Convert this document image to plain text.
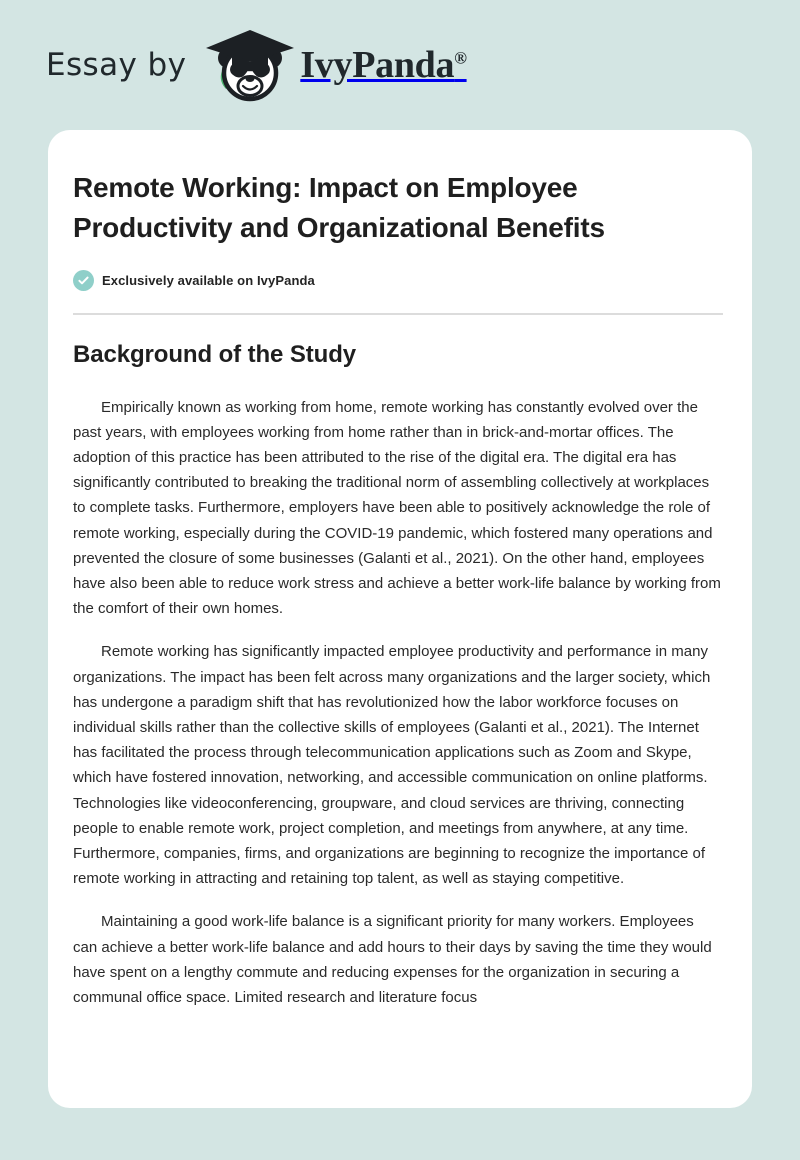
Essay by	IvyPanda®
Remote Working: Impact on Employee Productivity and Organizational Benefits
Exclusively available on IvyPanda
Background of the Study

Empirically known as working from home, remote working has constantly evolved over the past years, with employees working from home rather than in brick-and-mortar offices. The adoption of this practice has been attributed to the rise of the digital era. The digital era has significantly contributed to breaking the traditional norm of assembling collectively at workplaces to complete tasks. Furthermore, employers have been able to positively acknowledge the role of remote working, especially during the COVID-19 pandemic, which fostered many operations and prevented the closure of some businesses (Galanti et al., 2021). On the other hand, employees have also been able to reduce work stress and achieve a better work-life balance by working from the comfort of their own homes.

Remote working has significantly impacted employee productivity and performance in many organizations. The impact has been felt across many organizations and the larger society, which has undergone a paradigm shift that has revolutionized how the labor workforce focuses on individual skills rather than the collective skills of employees (Galanti et al., 2021). The Internet has facilitated the process through telecommunication applications such as Zoom and Skype, which have fostered innovation, networking, and accessible communication on online platforms. Technologies like videoconferencing, groupware, and cloud services are thriving, connecting people to enable remote work, project completion, and meetings from anywhere, at any time. Furthermore, companies, firms, and organizations are beginning to recognize the importance of remote working in attracting and retaining top talent, as well as staying competitive.

Maintaining a good work-life balance is a significant priority for many workers. Employees can achieve a better work-life balance and add hours to their days by saving the time they would have spent on a lengthy commute and reducing expenses for the organization in securing a communal office space. Limited research and literature focus
